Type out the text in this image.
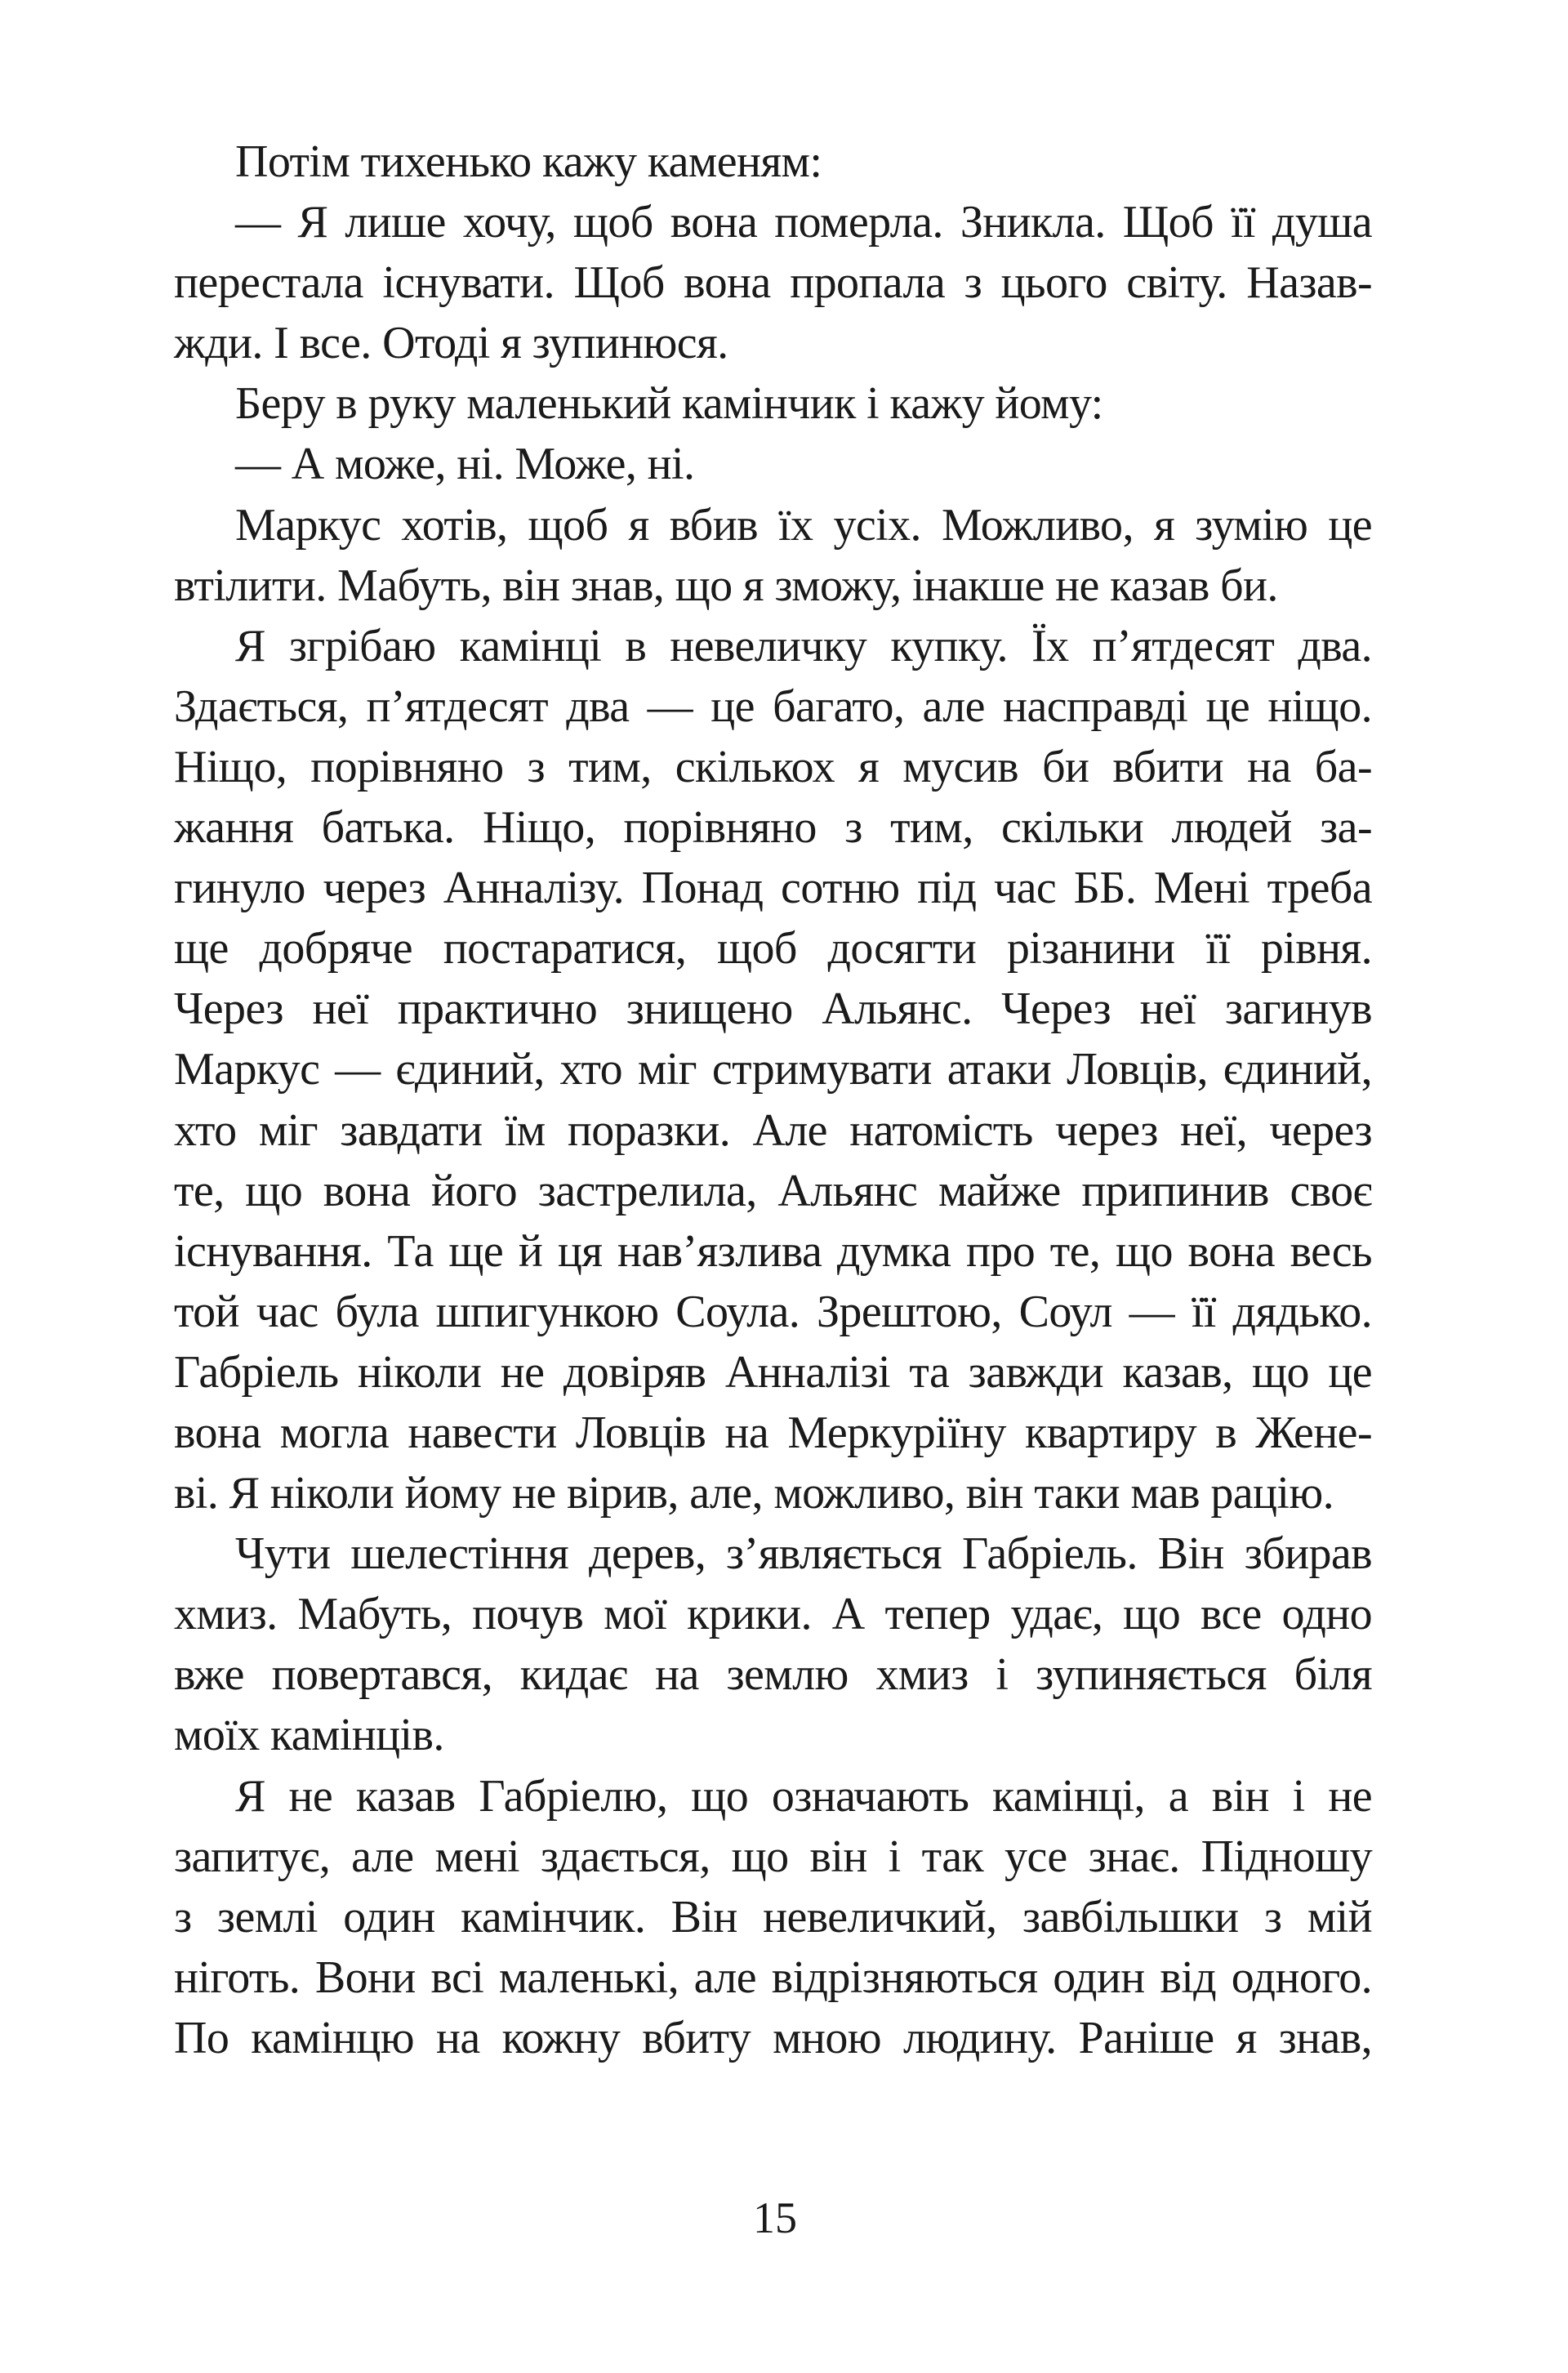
Потім тихенько кажу каменям:
— Я лише хочу, щоб вона померла. Зникла. Щоб її душа
перестала існувати. Щоб вона пропала з цього світу. Назав-
жди. І все. Отоді я зупинюся.
Беру в руку маленький камінчик і кажу йому:
— А може, ні. Може, ні.
Маркус хотів, щоб я вбив їх усіх. Можливо, я зумію це
втілити. Мабуть, він знав, що я зможу, інакше не казав би.
Я згрібаю камінці в невеличку купку. Їх п’ятдесят два.
Здається, п’ятдесят два — це багато, але насправді це ніщо.
Ніщо, порівняно з тим, скількох я мусив би вбити на ба-
жання батька. Ніщо, порівняно з тим, скільки людей за-
гинуло через Анналізу. Понад сотню під час ББ. Мені треба
ще добряче постаратися, щоб досягти різанини її рівня.
Через неї практично знищено Альянс. Через неї загинув
Маркус — єдиний, хто міг стримувати атаки Ловців, єдиний,
хто міг завдати їм поразки. Але натомість через неї, через
те, що вона його застрелила, Альянс майже припинив своє
існування. Та ще й ця нав’язлива думка про те, що вона весь
той час була шпигункою Соула. Зрештою, Соул — її дядько.
Габріель ніколи не довіряв Анналізі та завжди казав, що це
вона могла навести Ловців на Меркуріїну квартиру в Жене-
ві. Я ніколи йому не вірив, але, можливо, він таки мав рацію.
Чути шелестіння дерев, з’являється Габріель. Він збирав
хмиз. Мабуть, почув мої крики. А тепер удає, що все одно
вже повертався, кидає на землю хмиз і зупиняється біля
моїх камінців.
Я не казав Габріелю, що означають камінці, а він і не
запитує, але мені здається, що він і так усе знає. Підношу
з землі один камінчик. Він невеличкий, завбільшки з мій
ніготь. Вони всі маленькі, але відрізняються один від одного.
По камінцю на кожну вбиту мною людину. Раніше я знав,
15
